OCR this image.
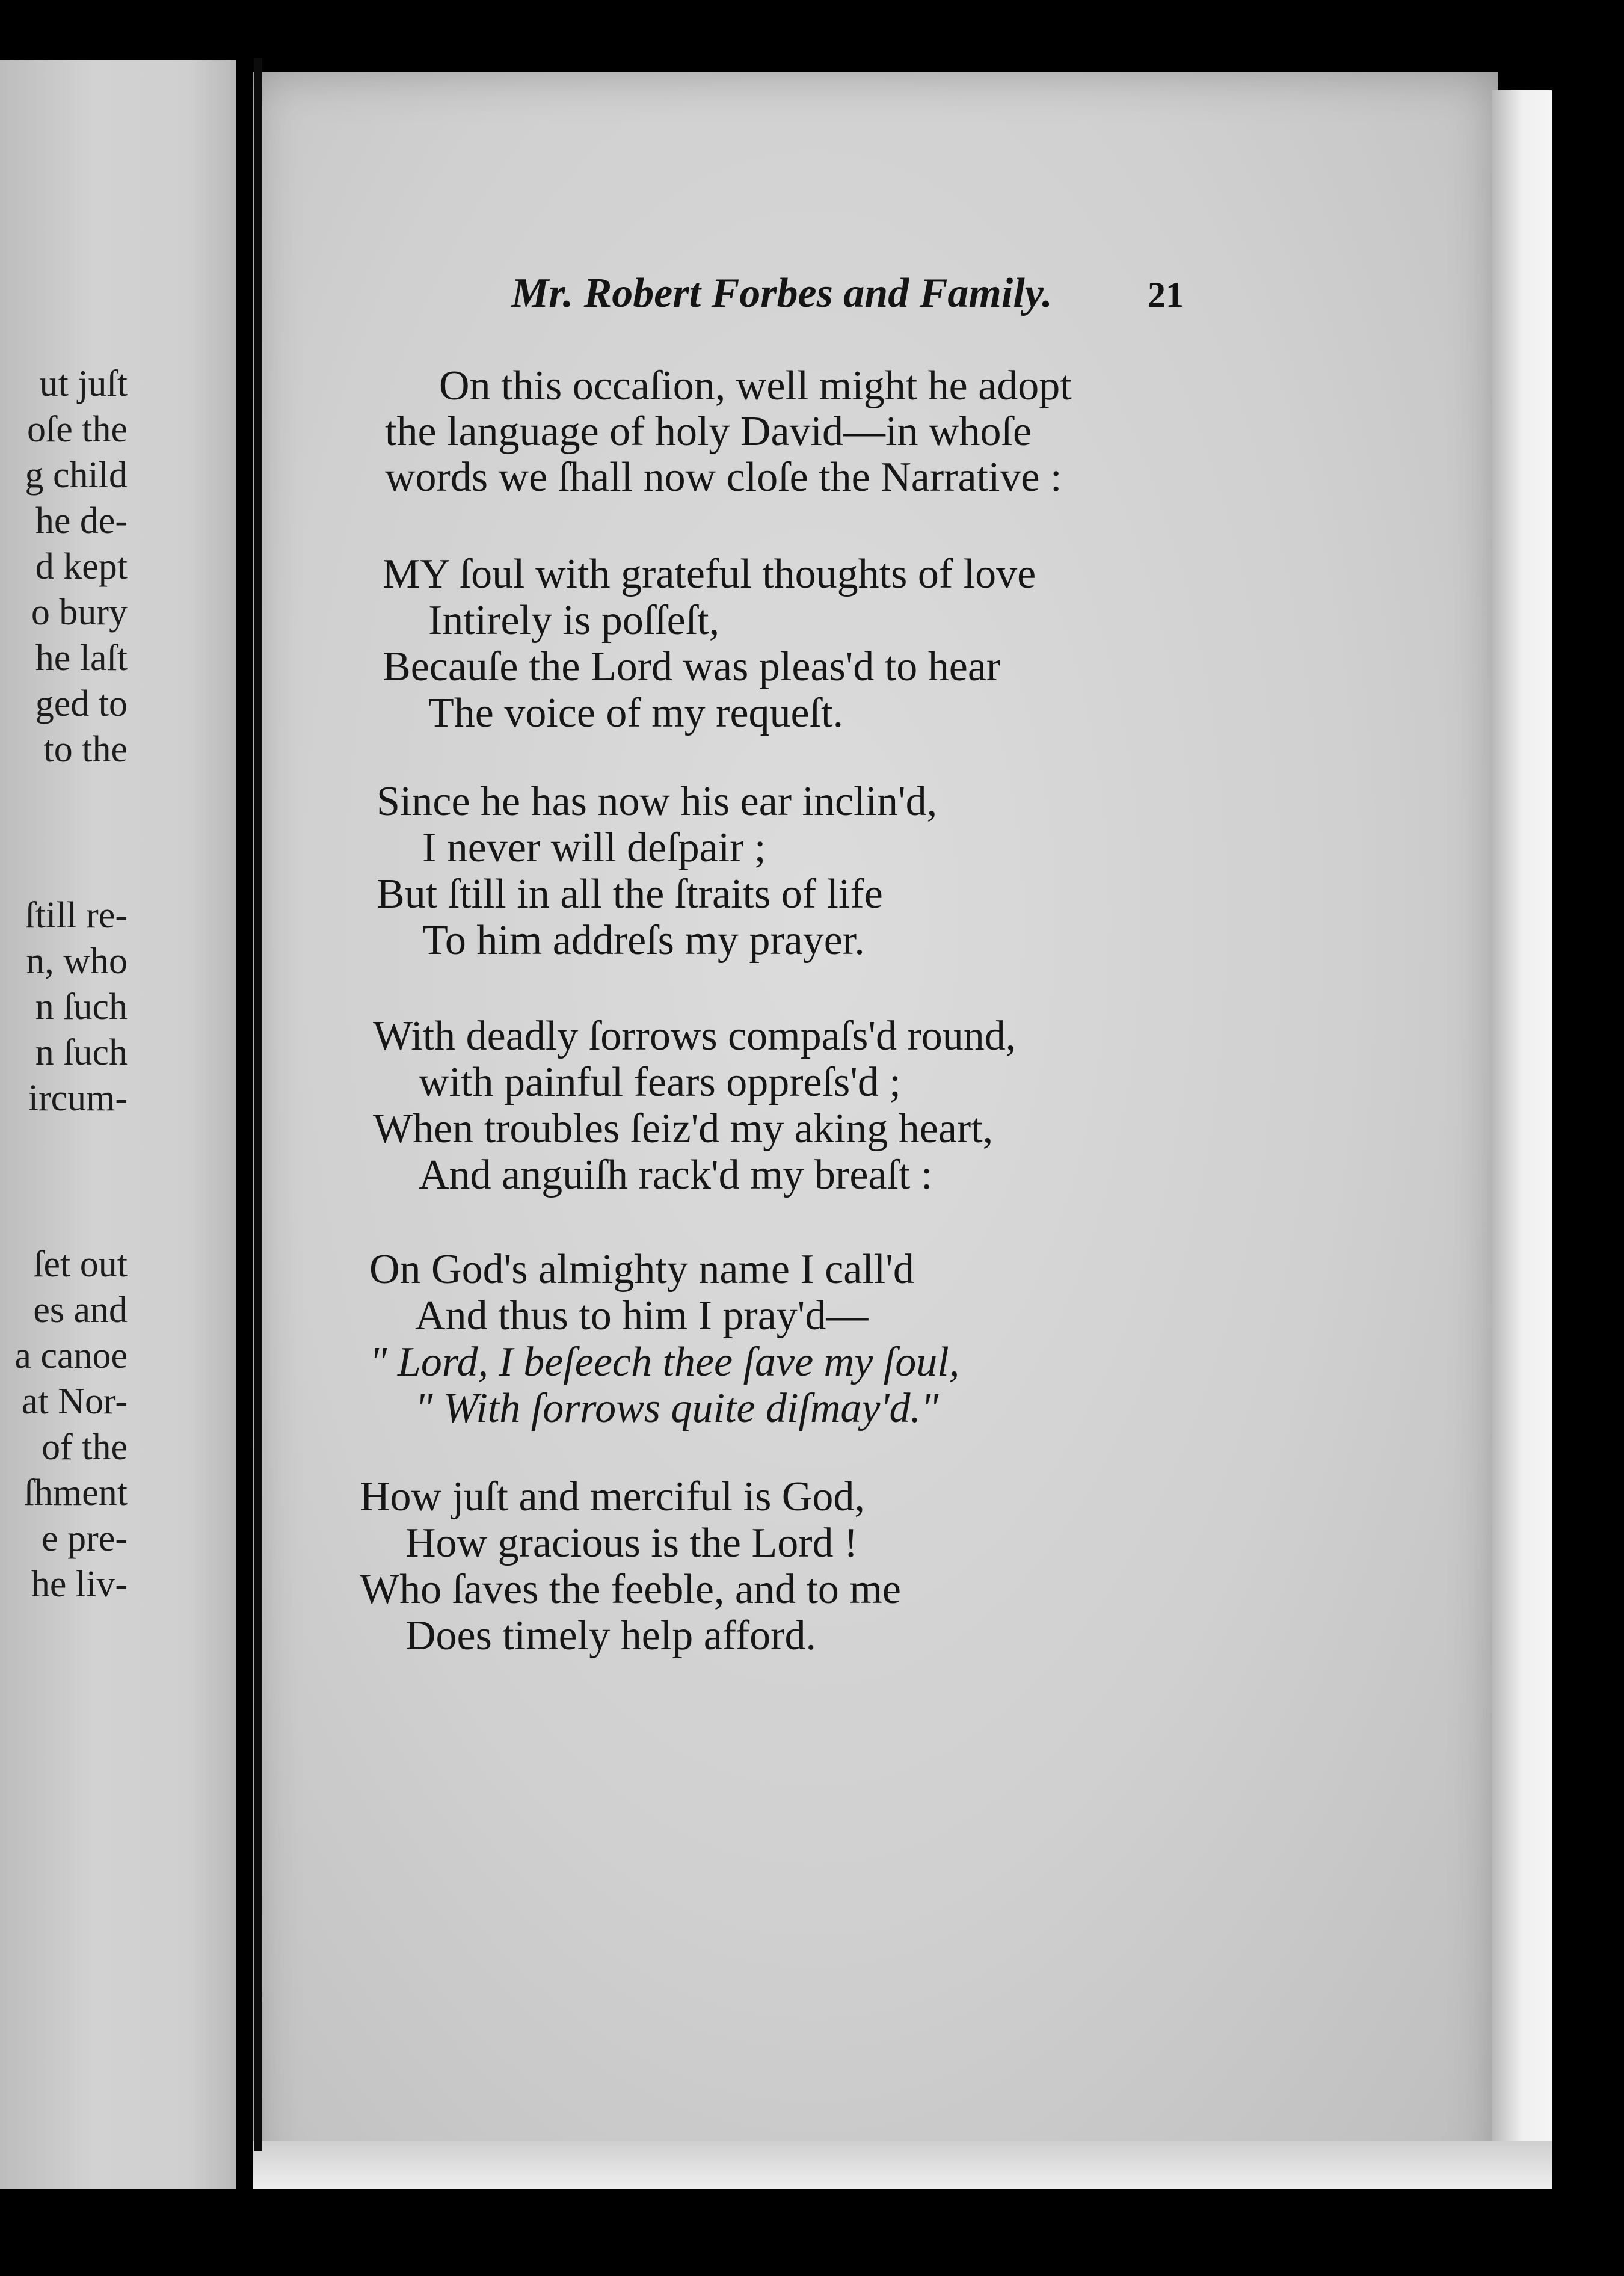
ut juſt
oſe the
g child
he de-
d kept
o bury
he laſt
ged to
to the
ſtill re-
n, who
n ſuch
n ſuch
ircum-
ſet out
es and
a canoe
at Nor-
of the
ſhment
e pre-
he liv-
Mr. Robert Forbes and Family.	21
On this occaſion, well might he adopt
the language of holy David—in whoſe
words we ſhall now cloſe the Narrative :
MY ſoul with grateful thoughts of love
Intirely is poſſeſt,
Becauſe the Lord was pleas'd to hear
The voice of my requeſt.
Since he has now his ear inclin'd,
I never will deſpair ;
But ſtill in all the ſtraits of life
To him addreſs my prayer.
With deadly ſorrows compaſs'd round,
with painful fears oppreſs'd ;
When troubles ſeiz'd my aking heart,
And anguiſh rack'd my breaſt :
On God's almighty name I call'd
And thus to him I pray'd—
" Lord, I beſeech thee ſave my ſoul,
" With ſorrows quite diſmay'd."
How juſt and merciful is God,
How gracious is the Lord !
Who ſaves the feeble, and to me
Does timely help afford.
